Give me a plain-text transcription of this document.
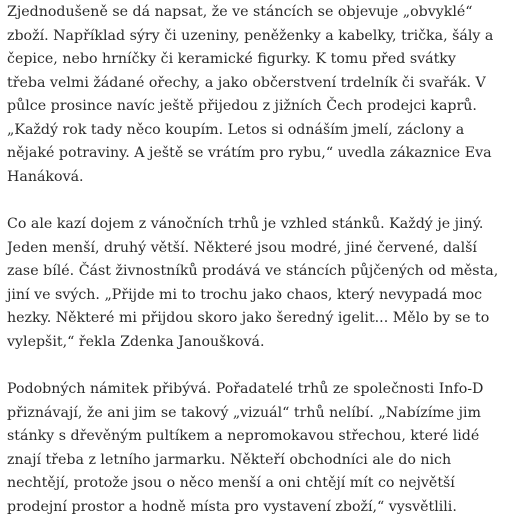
Zjednodušeně se dá napsat, že ve stáncích se objevuje „obvyklé“
zboží. Například sýry či uzeniny, peněženky a kabelky, trička, šály a
čepice, nebo hrníčky či keramické figurky. K tomu před svátky
třeba velmi žádané ořechy, a jako občerstvení trdelník či svařák. V
půlce prosince navíc ještě přijedou z jižních Čech prodejci kaprů.
„Každý rok tady něco koupím. Letos si odnáším jmelí, záclony a
nějaké potraviny. A ještě se vrátím pro rybu,“ uvedla zákaznice Eva
Hanáková.

Co ale kazí dojem z vánočních trhů je vzhled stánků. Každý je jiný.
Jeden menší, druhý větší. Některé jsou modré, jiné červené, další
zase bílé. Část živnostníků prodává ve stáncích půjčených od města,
jiní ve svých. „Přijde mi to trochu jako chaos, který nevypadá moc
hezky. Některé mi přijdou skoro jako šeredný igelit... Mělo by se to
vylepšit,“ řekla Zdenka Janoušková.

Podobných námitek přibývá. Pořadatelé trhů ze společnosti Info-D
přiznávají, že ani jim se takový „vizuál“ trhů nelíbí. „Nabízíme jim
stánky s dřevěným pultíkem a nepromokavou střechou, které lidé
znají třeba z letního jarmarku. Někteří obchodníci ale do nich
nechtějí, protože jsou o něco menší a oni chtějí mít co největší
prodejní prostor a hodně místa pro vystavení zboží,“ vysvětlili.
